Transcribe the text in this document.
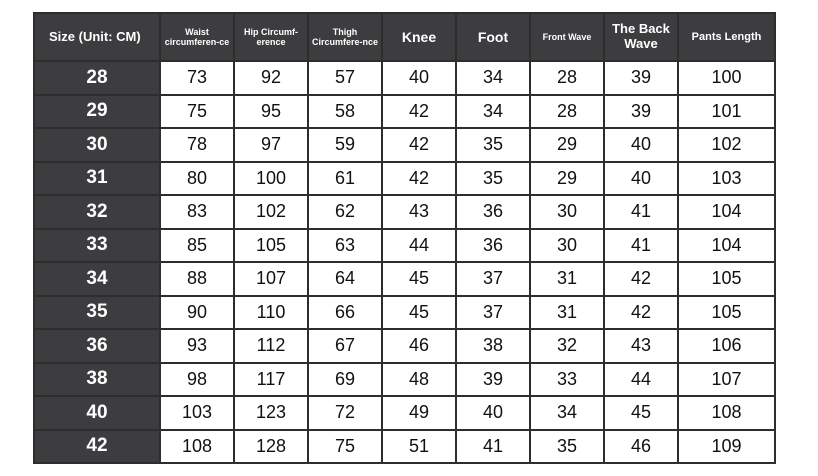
Size (Unit: CM)	Waist circumferen-ce	Hip Circumf-erence	Thigh Circumfere-nce	Knee	Foot	Front Wave	The Back Wave	Pants Length
28	73	92	57	40	34	28	39	100
29	75	95	58	42	34	28	39	101
30	78	97	59	42	35	29	40	102
31	80	100	61	42	35	29	40	103
32	83	102	62	43	36	30	41	104
33	85	105	63	44	36	30	41	104
34	88	107	64	45	37	31	42	105
35	90	110	66	45	37	31	42	105
36	93	112	67	46	38	32	43	106
38	98	117	69	48	39	33	44	107
40	103	123	72	49	40	34	45	108
42	108	128	75	51	41	35	46	109
